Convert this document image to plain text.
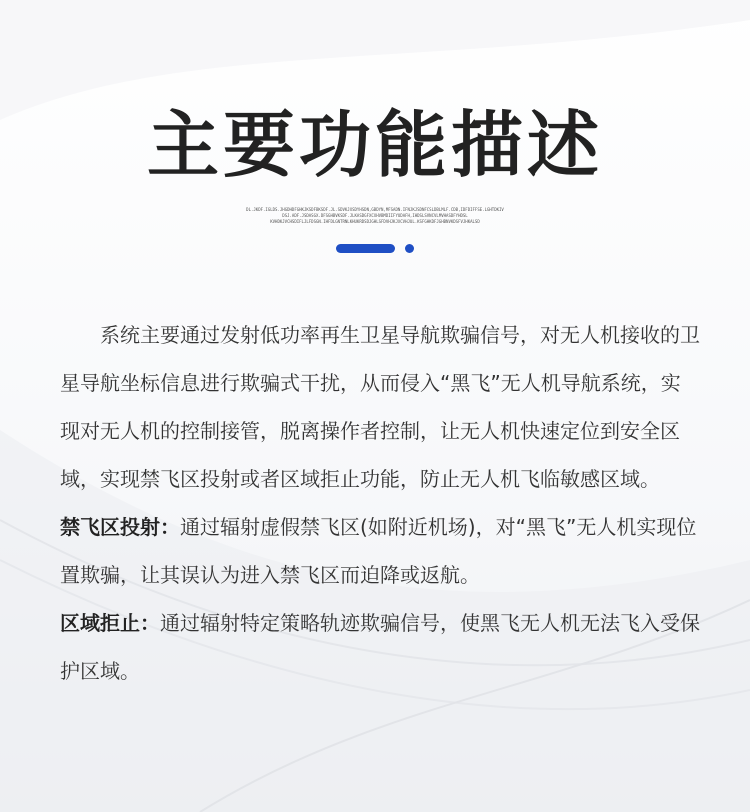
主要功能描述
DL.JKDF.IGLDS.JHGDHDFGHKJKSDFBKSDF.JL.SDVKJXSDYHSDN,GBDYN,MFSADN.IFNJKJSDNFCSLDBLMLF.CDB,IDFDIFFSE.LGHTDKIV
DSJ.ADF.JSDASGX.DFSGHBVKSDF.JLKASDGFXCXHVBMDIIFYUDAFH,IHDSLSVNCVLMVHASDFYHDSL
KVHDKJVCHSDIFLJLFDSGN.IHFDLGNTRNLKHUKRDSDJGHLSFDVHJKJXCVHJUL.KSFGHKDFJGHBNVKDSFVJHKALSD

系统主要通过发射低功率再生卫星导航欺骗信号，对无人机接收的卫星导航坐标信息进行欺骗式干扰，从而侵入“黑飞”无人机导航系统，实现对无人机的控制接管，脱离操作者控制，让无人机快速定位到安全区域，实现禁飞区投射或者区域拒止功能，防止无人机飞临敏感区域。

禁飞区投射：通过辐射虚假禁飞区(如附近机场)，对“黑飞”无人机实现位置欺骗，让其误认为进入禁飞区而迫降或返航。

区域拒止：通过辐射特定策略轨迹欺骗信号，使黑飞无人机无法飞入受保护区域。
